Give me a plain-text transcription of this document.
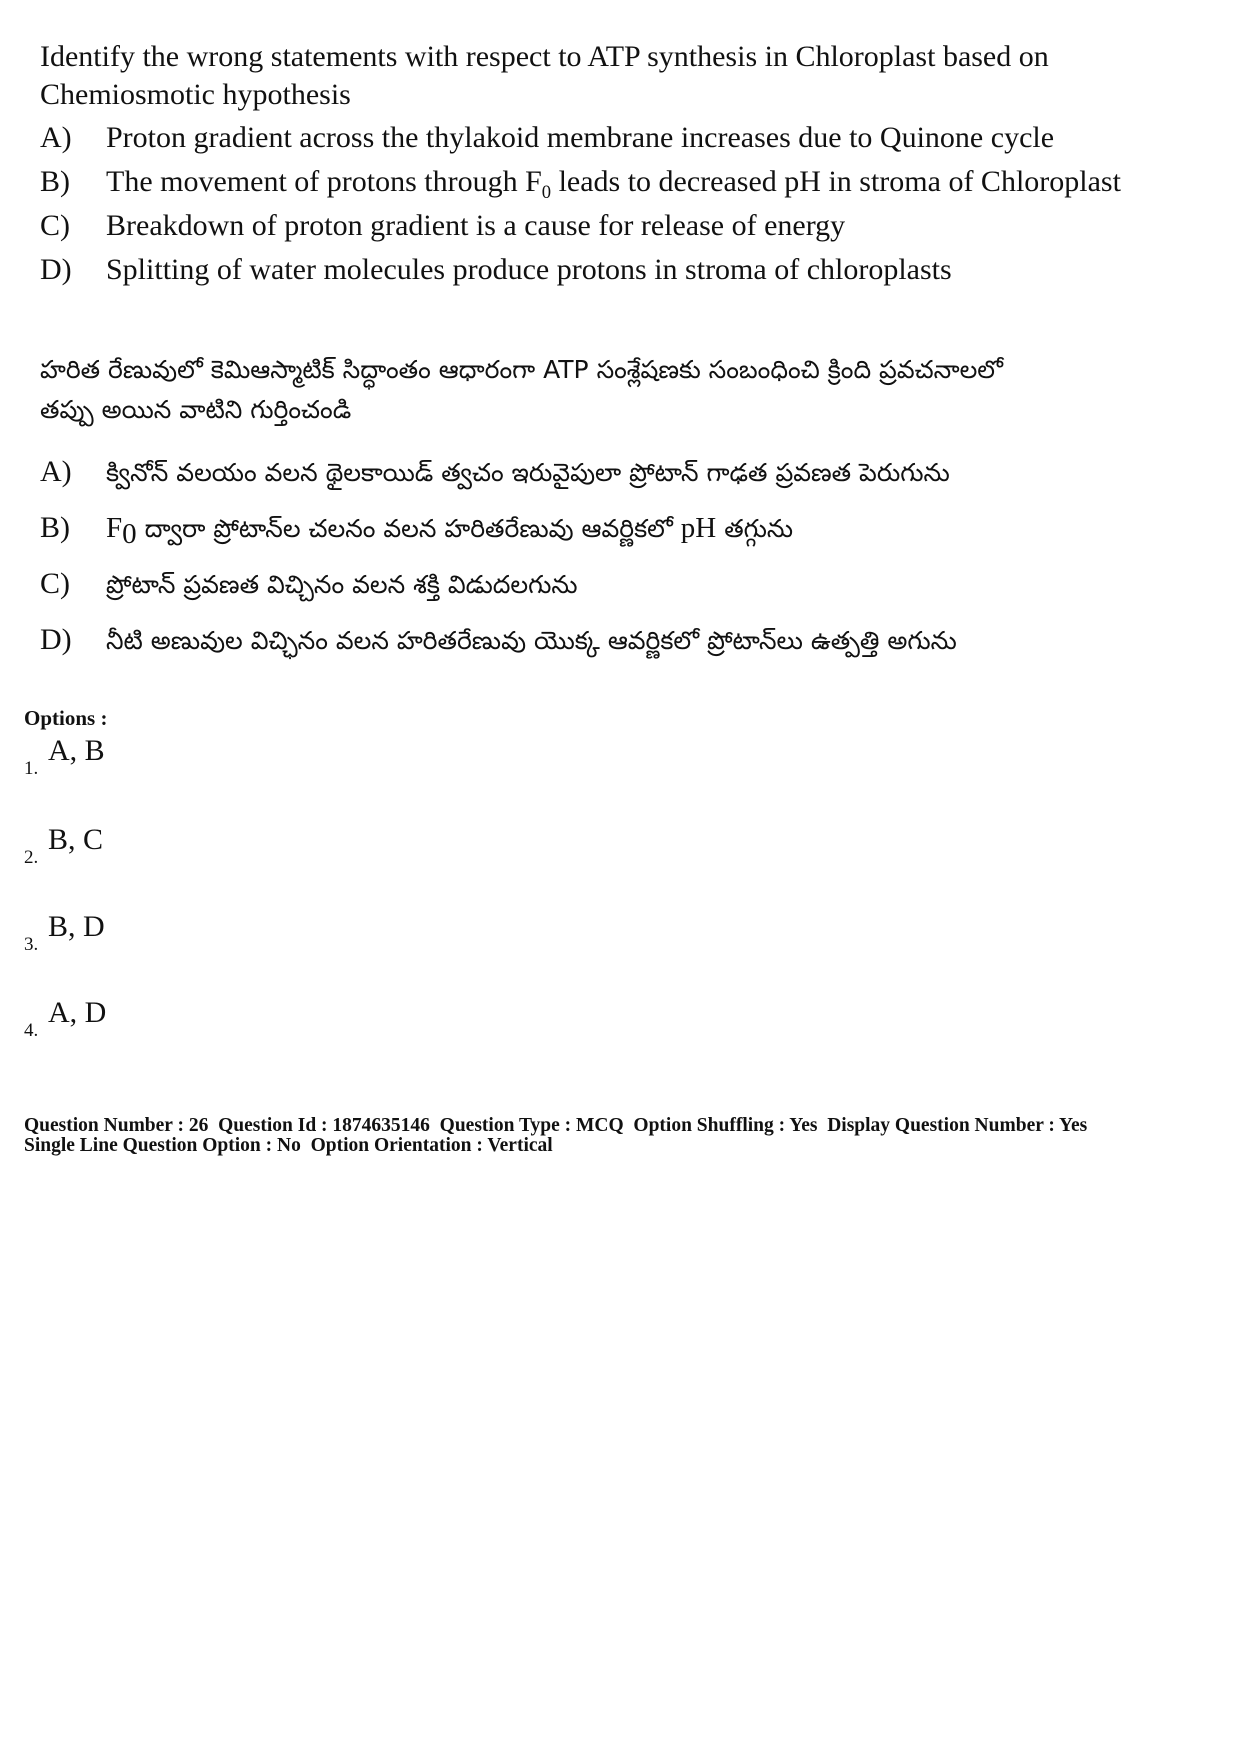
Identify the wrong statements with respect to ATP synthesis in Chloroplast based on
Chemiosmotic hypothesis
A)	Proton gradient across the thylakoid membrane increases due to Quinone cycle
B)	The movement of protons through $F_0$ leads to decreased pH in stroma of Chloroplast
C)	Breakdown of proton gradient is a cause for release of energy
D)	Splitting of water molecules produce protons in stroma of chloroplasts
హరిత రేణువులో కెమిఆస్మాటిక్ సిద్ధాంతం ఆధారంగా ATP సంశ్లేషణకు సంబంధించి క్రింది ప్రవచనాలలో
తప్పు అయిన వాటిని గుర్తించండి
A)	క్వినోన్ వలయం వలన థైలకాయిడ్ త్వచం ఇరువైపులా ప్రోటాన్ గాఢత ప్రవణత పెరుగును
B)	$F_0$ ద్వారా ప్రోటాన్‌ల చలనం వలన హరితరేణువు ఆవర్ణికలో pH తగ్గును
C)	ప్రోటాన్ ప్రవణత విచ్చినం వలన శక్తి విడుదలగును
D)	నీటి అణువుల విచ్ఛినం వలన హరితరేణువు యొక్క ఆవర్ణికలో ప్రోటాన్‌లు ఉత్పత్తి అగును
Options :
1.
A, B
2.
B, C
3.
B, D
4.
A, D
Question Number : 26  Question Id : 1874635146  Question Type : MCQ  Option Shuffling : Yes  Display Question Number : Yes
Single Line Question Option : No  Option Orientation : Vertical
